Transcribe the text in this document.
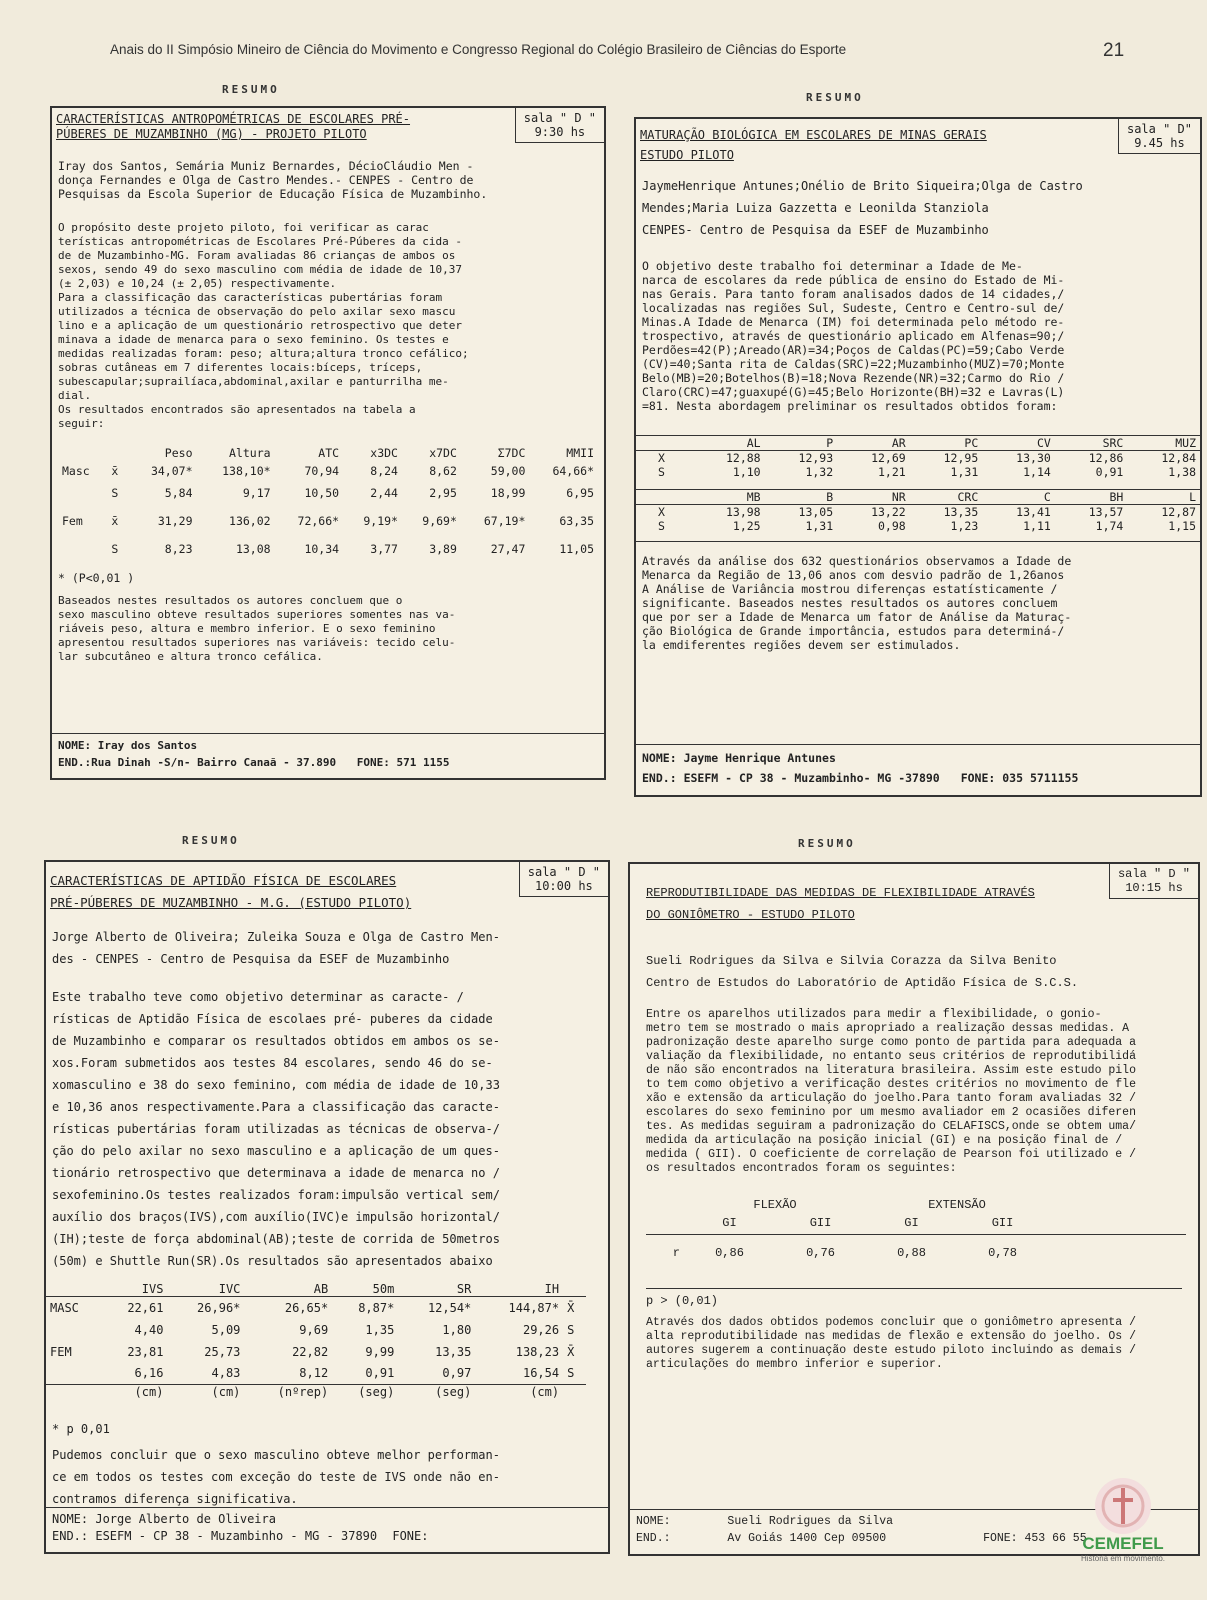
Anais do II Simpósio Mineiro de Ciência do Movimento e Congresso Regional do Colégio Brasileiro de Ciências do Esporte	21
RESUMO
CARACTERÍSTICAS ANTROPOMÉTRICAS DE ESCOLARES PRÉ-
PÚBERES DE MUZAMBINHO (MG) - PROJETO PILOTO
sala " D "
9:30 hs
Iray dos Santos, Semária Muniz Bernardes, DécioCláudio Men -
donça Fernandes e Olga de Castro Mendes.- CENPES - Centro de
Pesquisas da Escola Superior de Educação Física de Muzambinho.
O propósito deste projeto piloto, foi verificar as carac
terísticas antropométricas de Escolares Pré-Púberes da cida -
de de Muzambinho-MG. Foram avaliadas 86 crianças de ambos os
sexos, sendo 49 do sexo masculino com média de idade de 10,37
(± 2,03) e 10,24 (± 2,05) respectivamente.
Para a classificação das características pubertárias foram
utilizados a técnica de observação do pelo axilar sexo mascu
lino e a aplicação de um questionário retrospectivo que deter
minava a idade de menarca para o sexo feminino. Os testes e
medidas realizadas foram: peso; altura;altura tronco cefálico;
sobras cutâneas em 7 diferentes locais:bíceps, tríceps,
subescapular;suprailíaca,abdominal,axilar e panturrilha me-
dial.
Os resultados encontrados são apresentados na tabela a
seguir:
		Peso	Altura	ATC	x3DC	x7DC	Σ7DC	MMII
Masc	x̄	34,07*	138,10*	70,94	8,24	8,62	59,00	64,66*
	S	5,84	9,17	10,50	2,44	2,95	18,99	6,95
Fem	x̄	31,29	136,02	72,66*	9,19*	9,69*	67,19*	63,35
	S	8,23	13,08	10,34	3,77	3,89	27,47	11,05
* (P<0,01 )
Baseados nestes resultados os autores concluem que o
sexo masculino obteve resultados superiores somentes nas va-
riáveis peso, altura e membro inferior. E o sexo feminino
apresentou resultados superiores nas variáveis: tecido celu-
lar subcutâneo e altura tronco cefálica.
NOME: Iray dos Santos
END.:Rua Dinah -S/n- Bairro Canaã - 37.890 FONE: 571 1155
RESUMO
MATURAÇÃO BIOLÓGICA EM ESCOLARES DE MINAS GERAIS
ESTUDO PILOTO
sala " D"
9.45 hs
JaymeHenrique Antunes;Onélio de Brito Siqueira;Olga de Castro
Mendes;Maria Luiza Gazzetta e Leonilda Stanziola
CENPES- Centro de Pesquisa da ESEF de Muzambinho
O objetivo deste trabalho foi determinar a Idade de Me-
narca de escolares da rede pública de ensino do Estado de Mi-
nas Gerais. Para tanto foram analisados dados de 14 cidades,/
localizadas nas regiões Sul, Sudeste, Centro e Centro-sul de/
Minas.A Idade de Menarca (IM) foi determinada pelo método re-
trospectivo, através de questionário aplicado em Alfenas=90;/
Perdões=42(P);Areado(AR)=34;Poços de Caldas(PC)=59;Cabo Verde
(CV)=40;Santa rita de Caldas(SRC)=22;Muzambinho(MUZ)=70;Monte
Belo(MB)=20;Botelhos(B)=18;Nova Rezende(NR)=32;Carmo do Rio /
Claro(CRC)=47;guaxupé(G)=45;Belo Horizonte(BH)=32 e Lavras(L)
=81. Nesta abordagem preliminar os resultados obtidos foram:
	AL	P	AR	PC	CV	SRC	MUZ
X	12,88	12,93	12,69	12,95	13,30	12,86	12,84
S	1,10	1,32	1,21	1,31	1,14	0,91	1,38
	MB	B	NR	CRC	C	BH	L
X	13,98	13,05	13,22	13,35	13,41	13,57	12,87
S	1,25	1,31	0,98	1,23	1,11	1,74	1,15
Através da análise dos 632 questionários observamos a Idade de
Menarca da Região de 13,06 anos com desvio padrão de 1,26anos
A Análise de Variância mostrou diferenças estatísticamente /
significante. Baseados nestes resultados os autores concluem
que por ser a Idade de Menarca um fator de Análise da Maturaç-
ção Biológica de Grande importância, estudos para determiná-/
la emdiferentes regiões devem ser estimulados.
NOME: Jayme Henrique Antunes
END.: ESEFM - CP 38 - Muzambinho- MG -37890 FONE: 035 5711155
RESUMO
CARACTERÍSTICAS DE APTIDÃO FÍSICA DE ESCOLARES
PRÉ-PÚBERES DE MUZAMBINHO - M.G. (ESTUDO PILOTO)
sala " D "
10:00 hs
Jorge Alberto de Oliveira; Zuleika Souza e Olga de Castro Men-
des - CENPES - Centro de Pesquisa da ESEF de Muzambinho
Este trabalho teve como objetivo determinar as caracte- /
rísticas de Aptidão Física de escolaes pré- puberes da cidade
de Muzambinho e comparar os resultados obtidos em ambos os se-
xos.Foram submetidos aos testes 84 escolares, sendo 46 do se-
xomasculino e 38 do sexo feminino, com média de idade de 10,33
e 10,36 anos respectivamente.Para a classificação das caracte-
rísticas pubertárias foram utilizadas as técnicas de observa-/
ção do pelo axilar no sexo masculino e a aplicação de um ques-
tionário retrospectivo que determinava a idade de menarca no /
sexofeminino.Os testes realizados foram:impulsão vertical sem/
auxílio dos braços(IVS),com auxílio(IVC)e impulsão horizontal/
(IH);teste de força abdominal(AB);teste de corrida de 50metros
(50m) e Shuttle Run(SR).Os resultados são apresentados abaixo
	IVS	IVC	AB	50m	SR	IH	
MASC	22,61	26,96*	26,65*	8,87*	12,54*	144,87*	X̄
	4,40	5,09	9,69	1,35	1,80	29,26	S
FEM	23,81	25,73	22,82	9,99	13,35	138,23	X̄
	6,16	4,83	8,12	0,91	0,97	16,54	S
	(cm)	(cm)	(nºrep)	(seg)	(seg)	(cm)	
* p 0,01
Pudemos concluir que o sexo masculino obteve melhor performan-
ce em todos os testes com exceção do teste de IVS onde não en-
contramos diferença significativa.
NOME: Jorge Alberto de Oliveira
END.: ESEFM - CP 38 - Muzambinho - MG - 37890 FONE:
RESUMO
REPRODUTIBILIDADE DAS MEDIDAS DE FLEXIBILIDADE ATRAVÉS
DO GONIÔMETRO - ESTUDO PILOTO
sala " D "
10:15 hs
Sueli Rodrigues da Silva e Silvia Corazza da Silva Benito
Centro de Estudos do Laboratório de Aptidão Física de S.C.S.
Entre os aparelhos utilizados para medir a flexibilidade, o gonio-
metro tem se mostrado o mais apropriado a realização dessas medidas. A
padronização deste aparelho surge como ponto de partida para adequada a
valiação da flexibilidade, no entanto seus critérios de reprodutibilidá
de não são encontrados na literatura brasileira. Assim este estudo pilo
to tem como objetivo a verificação destes critérios no movimento de fle
xão e extensão da articulação do joelho.Para tanto foram avaliadas 32 /
escolares do sexo feminino por um mesmo avaliador em 2 ocasiões diferen
tes. As medidas seguiram a padronização do CELAFISCS,onde se obtem uma/
medida da articulação na posição inicial (GI) e na posição final de /
medida ( GII). O coeficiente de correlação de Pearson foi utilizado e /
os resultados encontrados foram os seguintes:
	FLEXÃO		EXTENSÃO		
	GI	GII	GI	GII	
r	0,86	0,76	0,88	0,78	
p > (0,01)
Através dos dados obtidos podemos concluir que o goniômetro apresenta /
alta reprodutibilidade nas medidas de flexão e extensão do joelho. Os /
autores sugerem a continuação deste estudo piloto incluindo as demais /
articulações do membro inferior e superior.
NOME:	Sueli Rodrigues da Silva
END.:	Av Goiás 1400 Cep 09500	FONE: 453 66 55
CEMEFEL
História em movimento.
